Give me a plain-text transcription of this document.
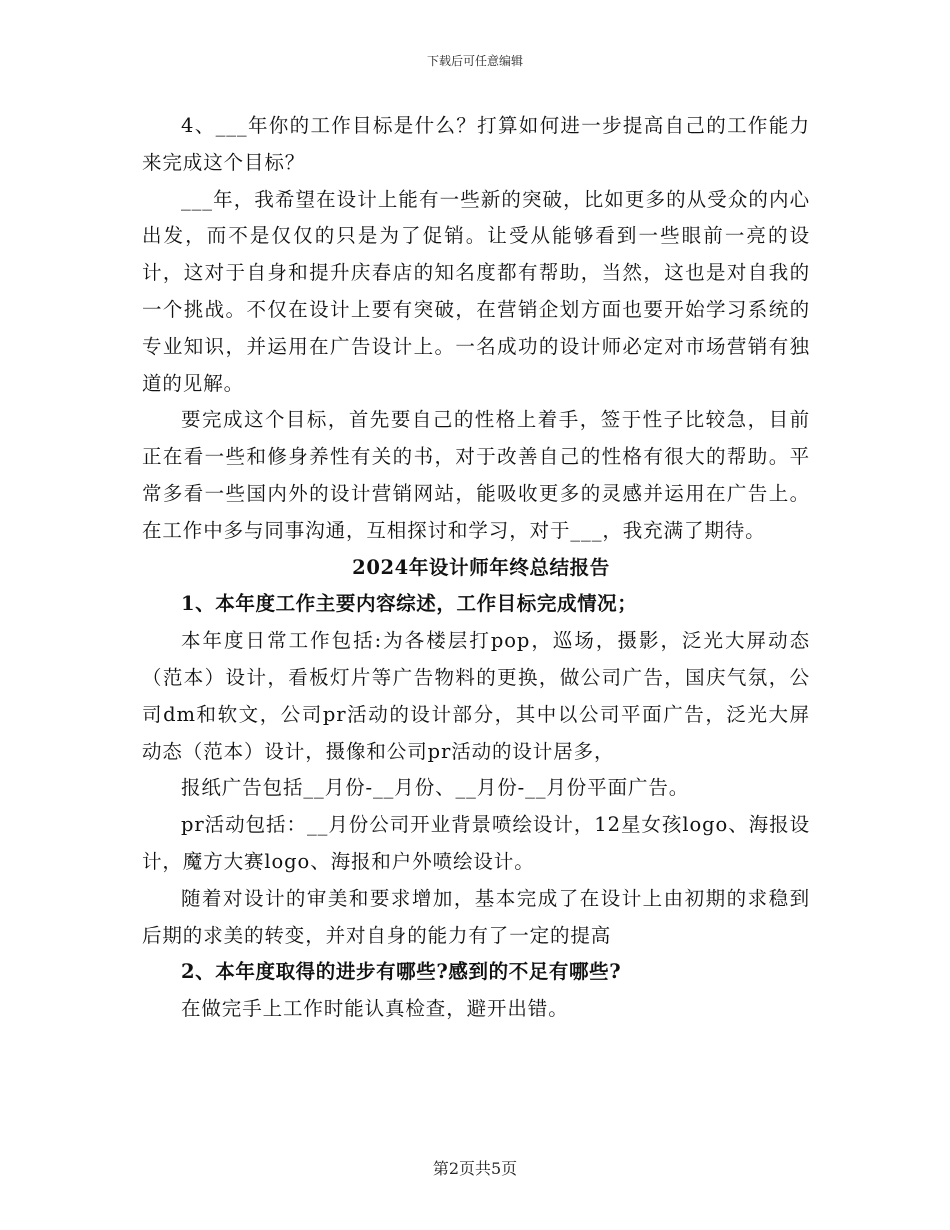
下载后可任意编辑

4、___年你的工作目标是什么？打算如何进一步提高自己的工作能力来完成这个目标？

___年，我希望在设计上能有一些新的突破，比如更多的从受众的内心出发，而不是仅仅的只是为了促销。让受从能够看到一些眼前一亮的设计，这对于自身和提升庆春店的知名度都有帮助，当然，这也是对自我的一个挑战。不仅在设计上要有突破，在营销企划方面也要开始学习系统的专业知识，并运用在广告设计上。一名成功的设计师必定对市场营销有独道的见解。

要完成这个目标，首先要自己的性格上着手，签于性子比较急，目前正在看一些和修身养性有关的书，对于改善自己的性格有很大的帮助。平常多看一些国内外的设计营销网站，能吸收更多的灵感并运用在广告上。在工作中多与同事沟通，互相探讨和学习，对于___，我充满了期待。

2024年设计师年终总结报告
1、本年度工作主要内容综述，工作目标完成情况；

本年度日常工作包括:为各楼层打pop，巡场，摄影，泛光大屏动态（范本）设计，看板灯片等广告物料的更换，做公司广告，国庆气氛，公司dm和软文，公司pr活动的设计部分，其中以公司平面广告，泛光大屏动态（范本）设计，摄像和公司pr活动的设计居多，

报纸广告包括__月份-__月份、__月份-__月份平面广告。

pr活动包括：__月份公司开业背景喷绘设计，12星女孩logo、海报设计，魔方大赛logo、海报和户外喷绘设计。

随着对设计的审美和要求增加，基本完成了在设计上由初期的求稳到后期的求美的转变，并对自身的能力有了一定的提高

2、本年度取得的进步有哪些?感到的不足有哪些?

在做完手上工作时能认真检查，避开出错。

第2页共5页
